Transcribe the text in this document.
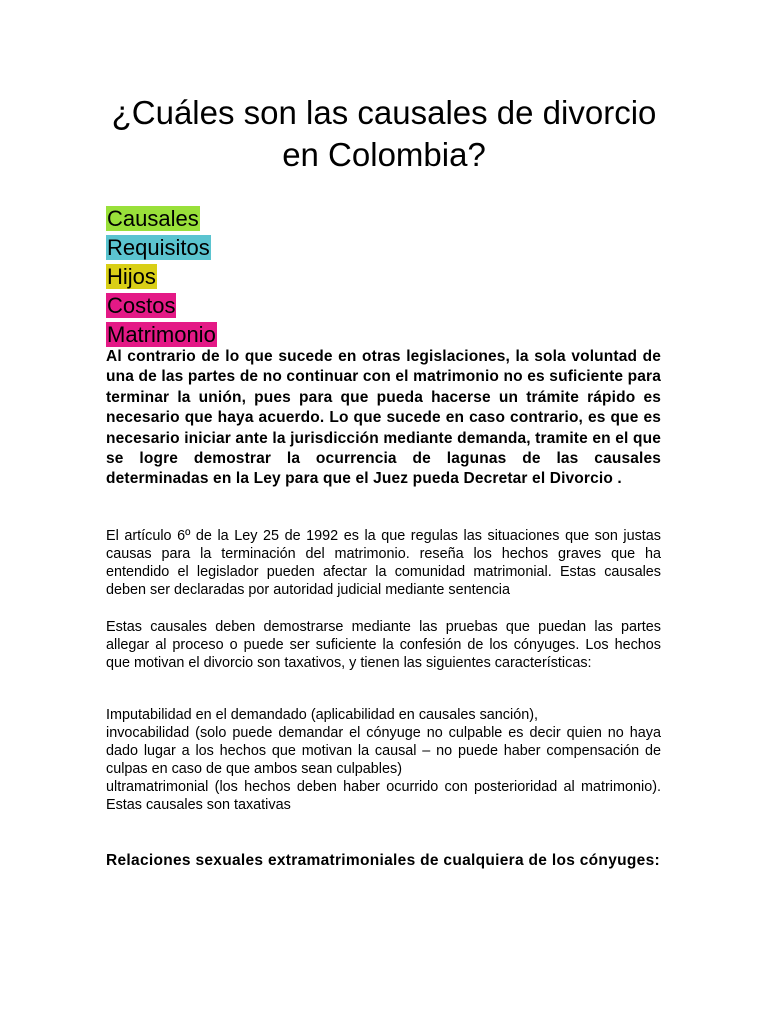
¿Cuáles son las causales de divorcio en Colombia?
Causales
Requisitos
Hijos
Costos
Matrimonio

Al contrario de lo que sucede en otras legislaciones, la sola voluntad de una de las partes de no continuar con el matrimonio no es suficiente para terminar la unión, pues para que pueda hacerse un trámite rápido es necesario que haya acuerdo. Lo que sucede en caso contrario, es que es necesario iniciar ante la jurisdicción mediante demanda, tramite en el que se logre demostrar la ocurrencia de lagunas de las causales determinadas en la Ley para que el Juez pueda Decretar el Divorcio .

El artículo 6º de la Ley 25 de 1992 es la que regulas las situaciones que son justas causas para la terminación del matrimonio. reseña los hechos graves que ha entendido el legislador pueden afectar la comunidad matrimonial. Estas causales deben ser declaradas por autoridad judicial mediante sentencia

Estas causales deben demostrarse mediante las pruebas que puedan las partes allegar al proceso o puede ser suficiente la confesión de los cónyuges. Los hechos que motivan el divorcio son taxativos, y tienen las siguientes características:

Imputabilidad en el demandado (aplicabilidad en causales sanción),
invocabilidad (solo puede demandar el cónyuge no culpable es decir quien no haya dado lugar a los hechos que motivan la causal – no puede haber compensación de culpas en caso de que ambos sean culpables)
ultramatrimonial (los hechos deben haber ocurrido con posterioridad al matrimonio). Estas causales son taxativas

Relaciones sexuales extramatrimoniales de cualquiera de los cónyuges:
